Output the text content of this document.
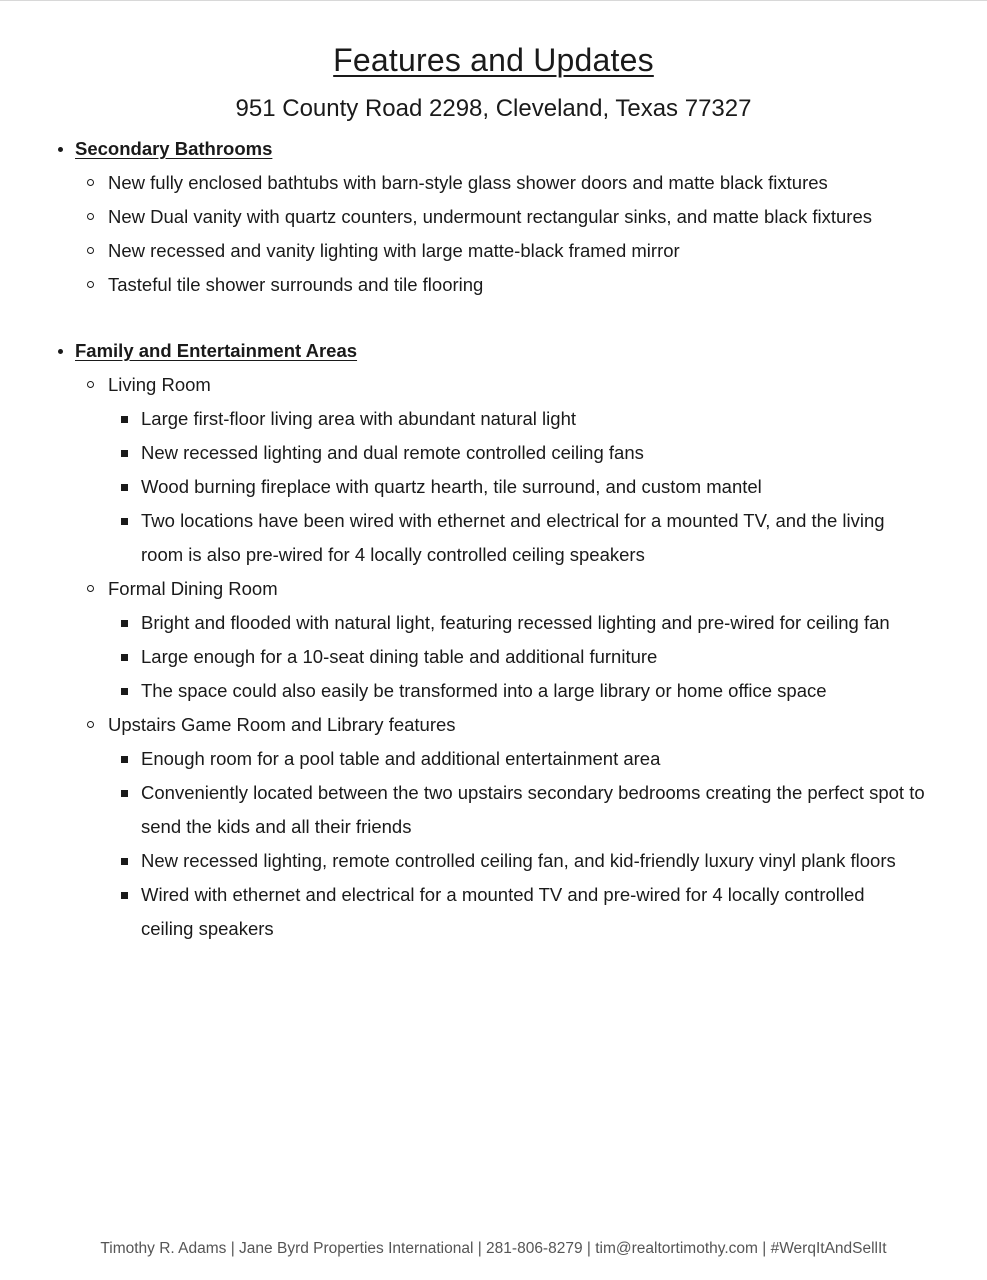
Features and Updates
951 County Road 2298, Cleveland, Texas 77327
Secondary Bathrooms
New fully enclosed bathtubs with barn-style glass shower doors and matte black fixtures
New Dual vanity with quartz counters, undermount rectangular sinks, and matte black fixtures
New recessed and vanity lighting with large matte-black framed mirror
Tasteful tile shower surrounds and tile flooring
Family and Entertainment Areas
Living Room
Large first-floor living area with abundant natural light
New recessed lighting and dual remote controlled ceiling fans
Wood burning fireplace with quartz hearth, tile surround, and custom mantel
Two locations have been wired with ethernet and electrical for a mounted TV, and the living
room is also pre-wired for 4 locally controlled ceiling speakers
Formal Dining Room
Bright and flooded with natural light, featuring recessed lighting and pre-wired for ceiling fan
Large enough for a 10-seat dining table and additional furniture
The space could also easily be transformed into a large library or home office space
Upstairs Game Room and Library features
Enough room for a pool table and additional entertainment area
Conveniently located between the two upstairs secondary bedrooms creating the perfect spot to
send the kids and all their friends
New recessed lighting, remote controlled ceiling fan, and kid-friendly luxury vinyl plank floors
Wired with ethernet and electrical for a mounted TV and pre-wired for 4 locally controlled
ceiling speakers
Timothy R. Adams | Jane Byrd Properties International | 281-806-8279 | tim@realtortimothy.com | #WerqItAndSellIt
